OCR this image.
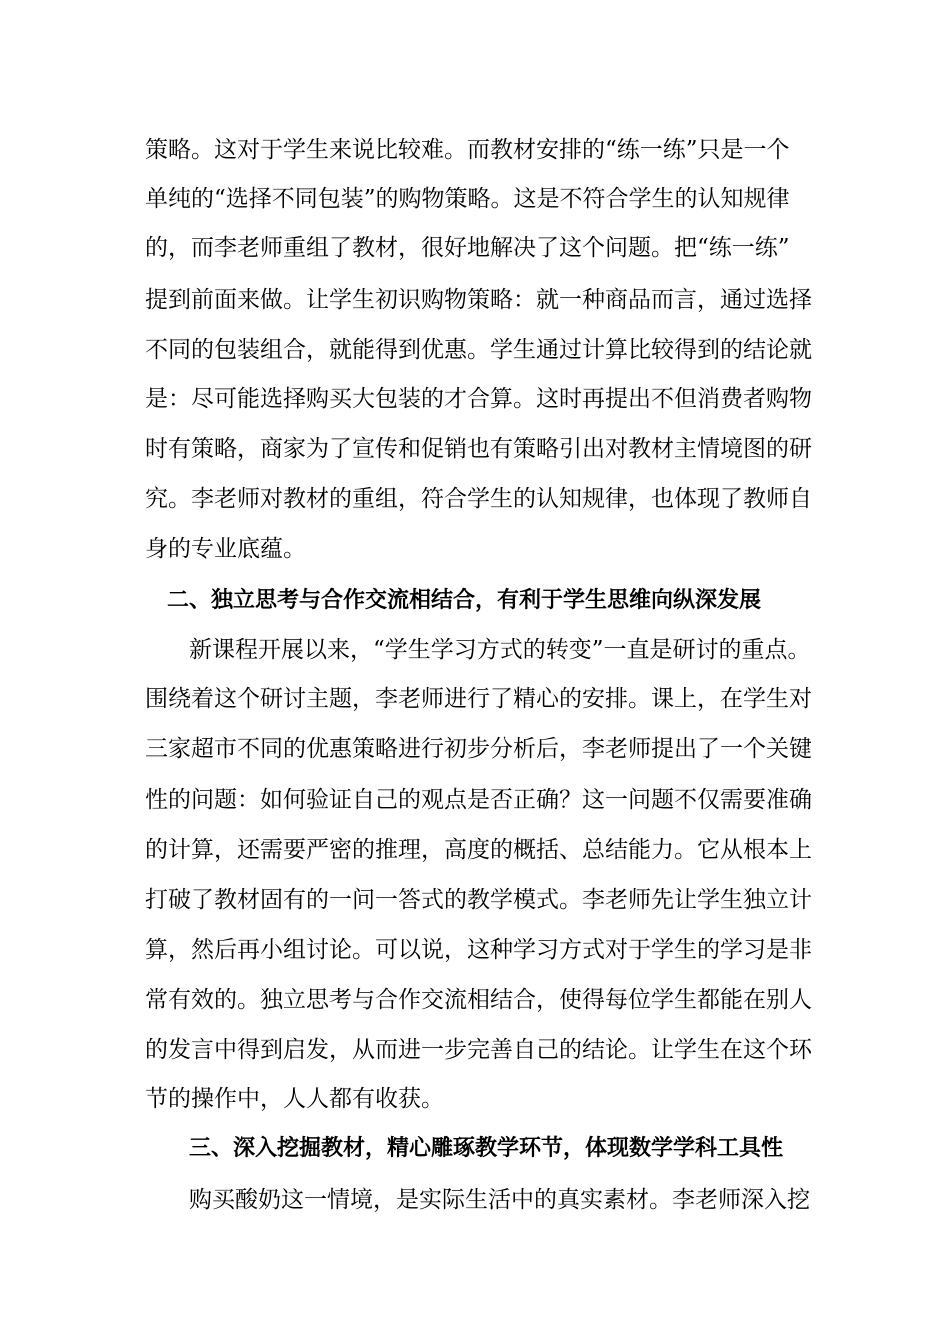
策略。这对于学生来说比较难。而教材安排的“练一练”只是一个
单纯的“选择不同包装”的购物策略。这是不符合学生的认知规律
的，而李老师重组了教材，很好地解决了这个问题。把“练一练”
提到前面来做。让学生初识购物策略：就一种商品而言，通过选择
不同的包装组合，就能得到优惠。学生通过计算比较得到的结论就
是：尽可能选择购买大包装的才合算。这时再提出不但消费者购物
时有策略，商家为了宣传和促销也有策略引出对教材主情境图的研
究。李老师对教材的重组，符合学生的认知规律，也体现了教师自
身的专业底蕴。
二、独立思考与合作交流相结合，有利于学生思维向纵深发展
新课程开展以来，“学生学习方式的转变”一直是研讨的重点。
围绕着这个研讨主题，李老师进行了精心的安排。课上，在学生对
三家超市不同的优惠策略进行初步分析后，李老师提出了一个关键
性的问题：如何验证自己的观点是否正确？这一问题不仅需要准确
的计算，还需要严密的推理，高度的概括、总结能力。它从根本上
打破了教材固有的一问一答式的教学模式。李老师先让学生独立计
算，然后再小组讨论。可以说，这种学习方式对于学生的学习是非
常有效的。独立思考与合作交流相结合，使得每位学生都能在别人
的发言中得到启发，从而进一步完善自己的结论。让学生在这个环
节的操作中，人人都有收获。
三、深入挖掘教材，精心雕琢教学环节，体现数学学科工具性
购买酸奶这一情境，是实际生活中的真实素材。李老师深入挖
